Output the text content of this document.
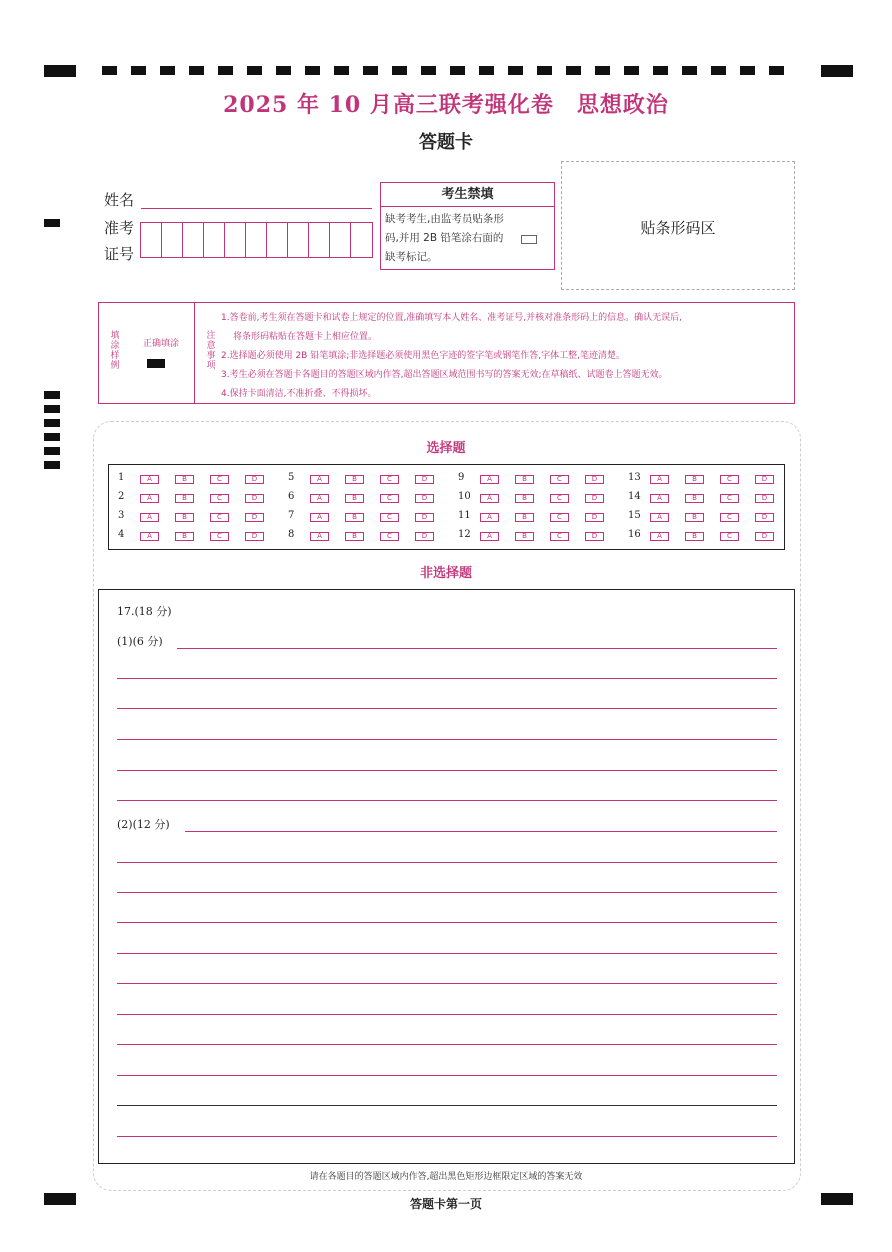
2025 年 10 月高三联考强化卷　思想政治
答题卡
姓名
准考
证号
考生禁填
缺考考生,由监考员贴条形码,并用 2B 铅笔涂右面的缺考标记。
贴条形码区
填涂样例
正确填涂
注意事项
1.答卷前,考生须在答题卡和试卷上规定的位置,准确填写本人姓名、准考证号,并核对准条形码上的信息。确认无误后,
将条形码粘贴在答题卡上相应位置。
2.选择题必须使用 2B 铅笔填涂;非选择题必须使用黑色字迹的签字笔或钢笔作答,字体工整,笔迹清楚。
3.考生必须在答题卡各题目的答题区域内作答,超出答题区域范围书写的答案无效;在草稿纸、试题卷上答题无效。
4.保持卡面清洁,不准折叠、不得损坏。
选择题
1	A	B	C	D
2	A	B	C	D
3	A	B	C	D
4	A	B	C	D
5	A	B	C	D
6	A	B	C	D
7	A	B	C	D
8	A	B	C	D
9	A	B	C	D
10	A	B	C	D
11	A	B	C	D
12	A	B	C	D
13	A	B	C	D
14	A	B	C	D
15	A	B	C	D
16	A	B	C	D
非选择题
17.(18 分)
(1)(6 分)
(2)(12 分)
请在各题目的答题区域内作答,超出黑色矩形边框限定区域的答案无效
答题卡第一页
